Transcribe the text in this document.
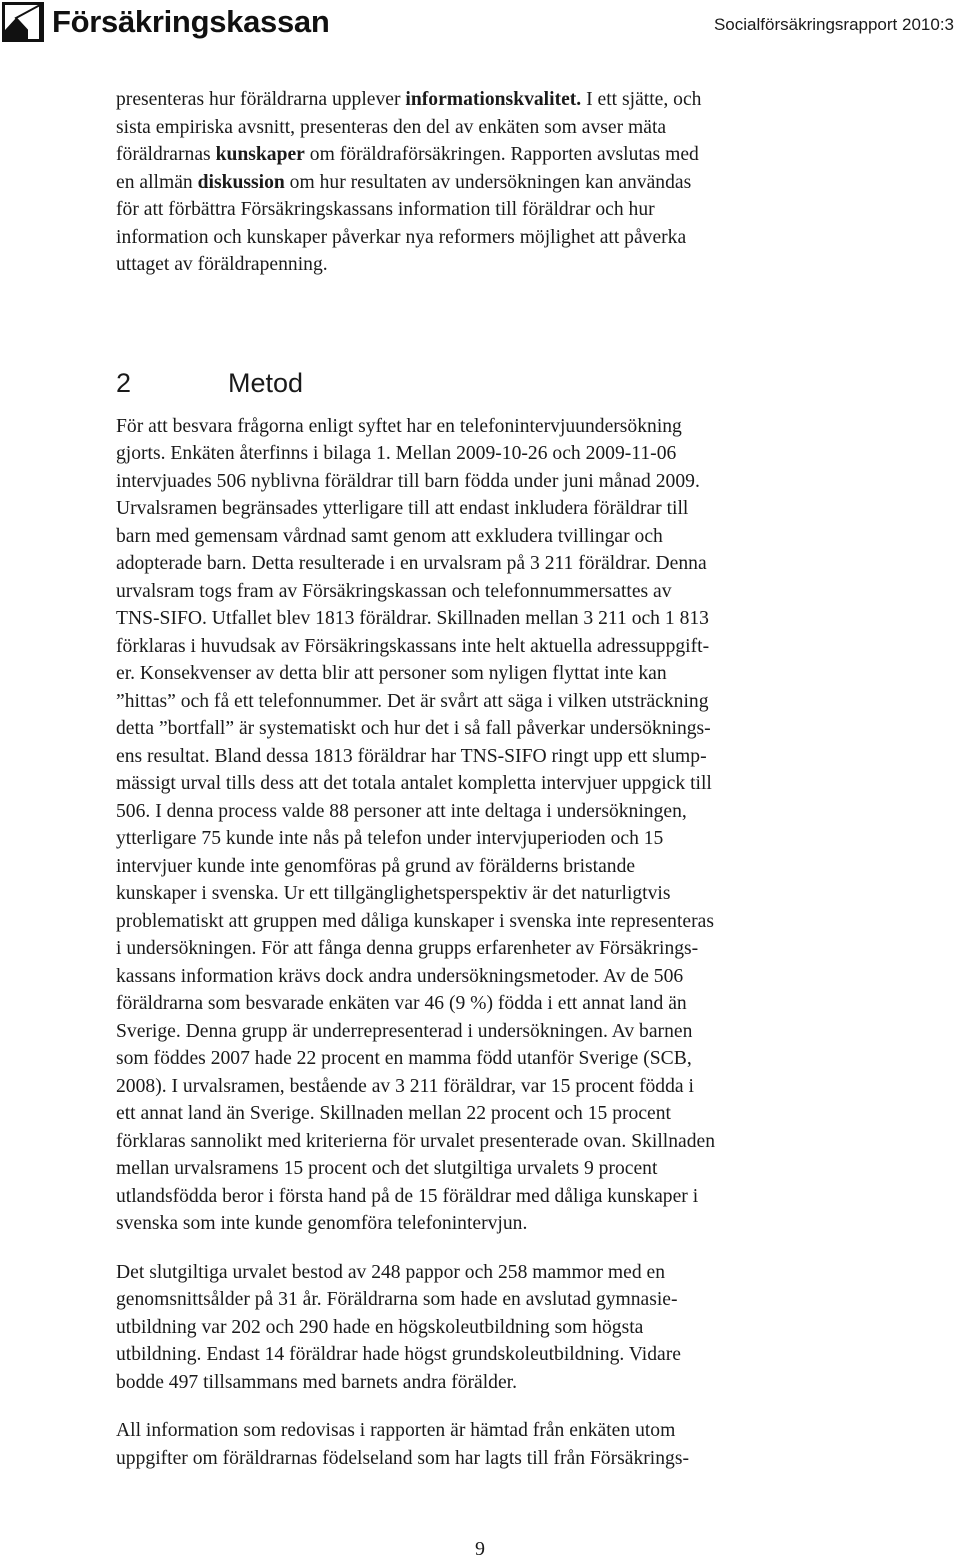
Försäkringskassan	Socialförsäkringsrapport 2010:3

presenteras hur föräldrarna upplever informationskvalitet. I ett sjätte, och
sista empiriska avsnitt, presenteras den del av enkäten som avser mäta
föräldrarnas kunskaper om föräldraförsäkringen. Rapporten avslutas med
en allmän diskussion om hur resultaten av undersökningen kan användas
för att förbättra Försäkringskassans information till föräldrar och hur
information och kunskaper påverkar nya reformers möjlighet att påverka
uttaget av föräldrapenning.

2	Metod

För att besvara frågorna enligt syftet har en telefonintervjuundersökning
gjorts. Enkäten återfinns i bilaga 1. Mellan 2009-10-26 och 2009-11-06
intervjuades 506 nyblivna föräldrar till barn födda under juni månad 2009.
Urvalsramen begränsades ytterligare till att endast inkludera föräldrar till
barn med gemensam vårdnad samt genom att exkludera tvillingar och
adopterade barn. Detta resulterade i en urvalsram på 3 211 föräldrar. Denna
urvalsram togs fram av Försäkringskassan och telefonnummersattes av
TNS-SIFO. Utfallet blev 1813 föräldrar. Skillnaden mellan 3 211 och 1 813
förklaras i huvudsak av Försäkringskassans inte helt aktuella adressuppgift-
er. Konsekvenser av detta blir att personer som nyligen flyttat inte kan
”hittas” och få ett telefonnummer. Det är svårt att säga i vilken utsträckning
detta ”bortfall” är systematiskt och hur det i så fall påverkar undersöknings-
ens resultat. Bland dessa 1813 föräldrar har TNS-SIFO ringt upp ett slump-
mässigt urval tills dess att det totala antalet kompletta intervjuer uppgick till
506. I denna process valde 88 personer att inte deltaga i undersökningen,
ytterligare 75 kunde inte nås på telefon under intervjuperioden och 15
intervjuer kunde inte genomföras på grund av förälderns bristande
kunskaper i svenska. Ur ett tillgänglighetsperspektiv är det naturligtvis
problematiskt att gruppen med dåliga kunskaper i svenska inte representeras
i undersökningen. För att fånga denna grupps erfarenheter av Försäkrings-
kassans information krävs dock andra undersökningsmetoder. Av de 506
föräldrarna som besvarade enkäten var 46 (9 %) födda i ett annat land än
Sverige. Denna grupp är underrepresenterad i undersökningen. Av barnen
som föddes 2007 hade 22 procent en mamma född utanför Sverige (SCB,
2008). I urvalsramen, bestående av 3 211 föräldrar, var 15 procent födda i
ett annat land än Sverige. Skillnaden mellan 22 procent och 15 procent
förklaras sannolikt med kriterierna för urvalet presenterade ovan. Skillnaden
mellan urvalsramens 15 procent och det slutgiltiga urvalets 9 procent
utlandsfödda beror i första hand på de 15 föräldrar med dåliga kunskaper i
svenska som inte kunde genomföra telefonintervjun.

Det slutgiltiga urvalet bestod av 248 pappor och 258 mammor med en
genomsnittsålder på 31 år. Föräldrarna som hade en avslutad gymnasie-
utbildning var 202 och 290 hade en högskoleutbildning som högsta
utbildning. Endast 14 föräldrar hade högst grundskoleutbildning. Vidare
bodde 497 tillsammans med barnets andra förälder.

All information som redovisas i rapporten är hämtad från enkäten utom
uppgifter om föräldrarnas födelseland som har lagts till från Försäkrings-

9
